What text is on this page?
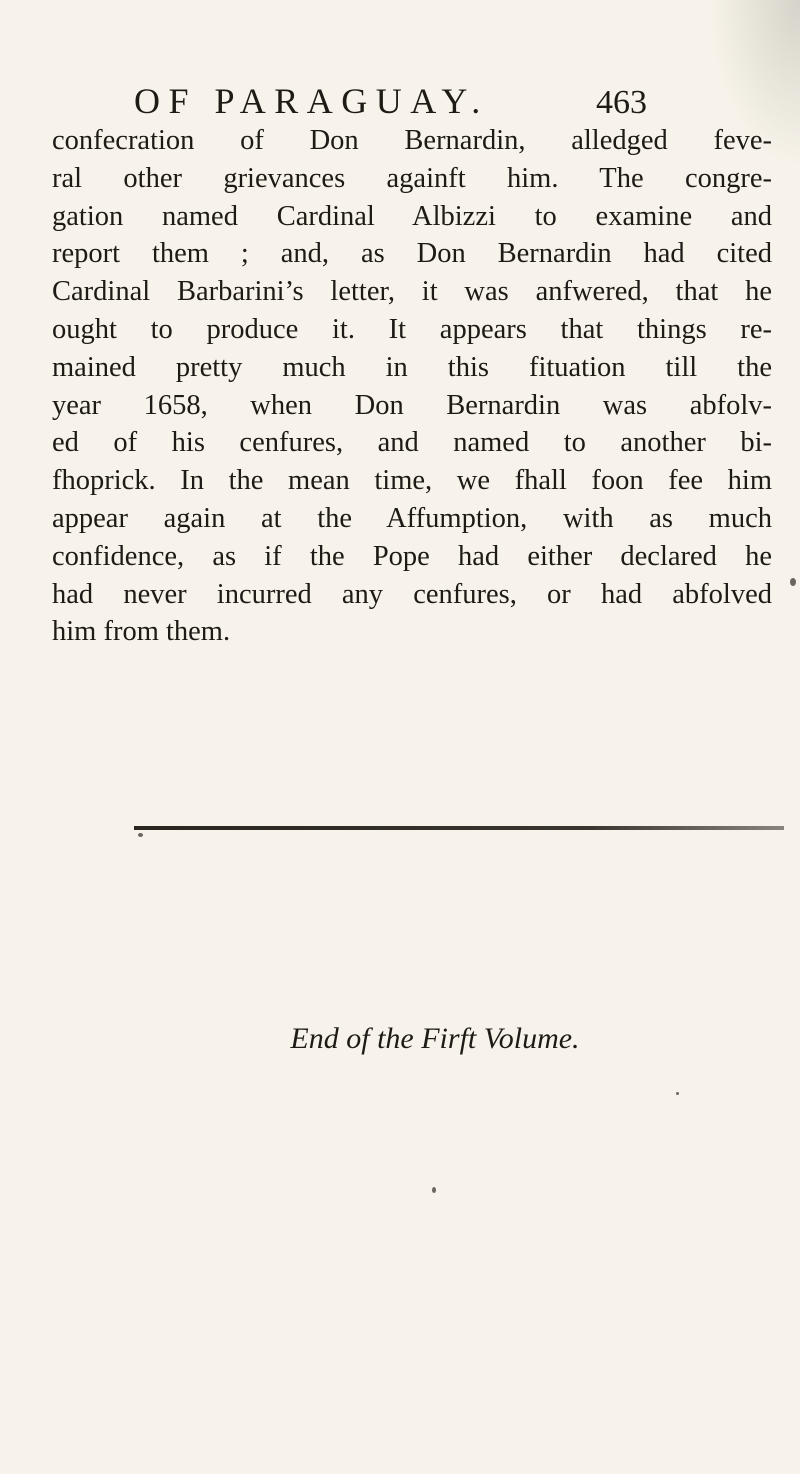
OF PARAGUAY.	463
confecration of Don Bernardin, alledged feve-
ral other grievances againft him. The congre-
gation named Cardinal Albizzi to examine and
report them ; and, as Don Bernardin had cited
Cardinal Barbarini’s letter, it was anfwered, that he
ought to produce it. It appears that things re-
mained pretty much in this fituation till the
year 1658, when Don Bernardin was abfolv-
ed of his cenfures, and named to another bi-
fhoprick. In the mean time, we fhall foon fee him
appear again at the Affumption, with as much
confidence, as if the Pope had either declared he
had never incurred any cenfures, or had abfolved
him from them.
End of the Firft Volume.
